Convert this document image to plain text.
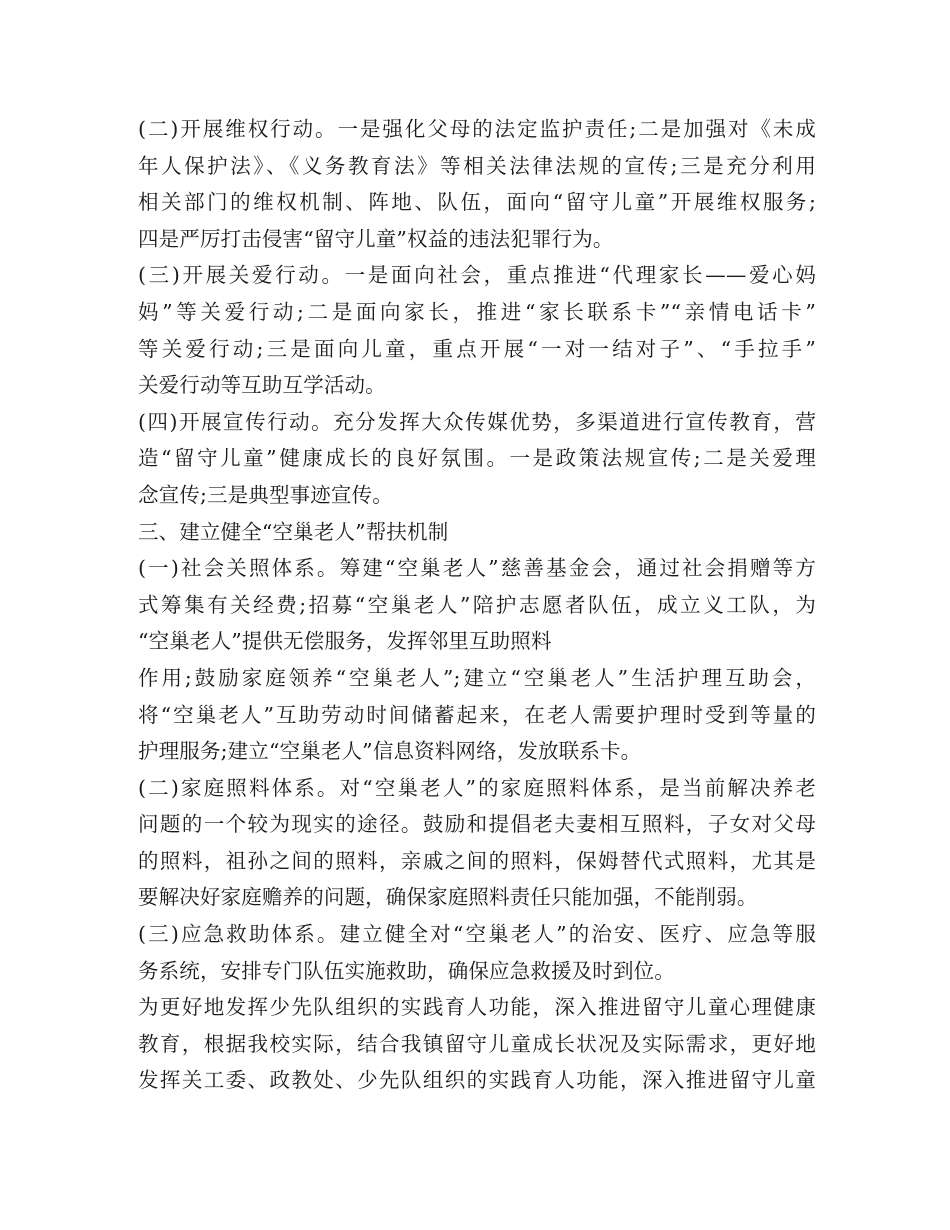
(二)开展维权行动。一是强化父母的法定监护责任;二是加强对《未成
年人保护法》、《义务教育法》等相关法律法规的宣传;三是充分利用
相关部门的维权机制、阵地、队伍，面向“留守儿童”开展维权服务;
四是严厉打击侵害“留守儿童”权益的违法犯罪行为。
(三)开展关爱行动。一是面向社会，重点推进“代理家长——爱心妈
妈”等关爱行动;二是面向家长，推进“家长联系卡”“亲情电话卡”
等关爱行动;三是面向儿童，重点开展“一对一结对子”、“手拉手”
关爱行动等互助互学活动。
(四)开展宣传行动。充分发挥大众传媒优势，多渠道进行宣传教育，营
造“留守儿童”健康成长的良好氛围。一是政策法规宣传;二是关爱理
念宣传;三是典型事迹宣传。
三、建立健全“空巢老人”帮扶机制
(一)社会关照体系。筹建“空巢老人”慈善基金会，通过社会捐赠等方
式筹集有关经费;招募“空巢老人”陪护志愿者队伍，成立义工队，为
“空巢老人”提供无偿服务，发挥邻里互助照料
作用;鼓励家庭领养“空巢老人”;建立“空巢老人”生活护理互助会，
将“空巢老人”互助劳动时间储蓄起来，在老人需要护理时受到等量的
护理服务;建立“空巢老人”信息资料网络，发放联系卡。
(二)家庭照料体系。对“空巢老人”的家庭照料体系，是当前解决养老
问题的一个较为现实的途径。鼓励和提倡老夫妻相互照料，子女对父母
的照料，祖孙之间的照料，亲戚之间的照料，保姆替代式照料，尤其是
要解决好家庭赡养的问题，确保家庭照料责任只能加强，不能削弱。
(三)应急救助体系。建立健全对“空巢老人”的治安、医疗、应急等服
务系统，安排专门队伍实施救助，确保应急救援及时到位。
为更好地发挥少先队组织的实践育人功能，深入推进留守儿童心理健康
教育，根据我校实际，结合我镇留守儿童成长状况及实际需求，更好地
发挥关工委、政教处、少先队组织的实践育人功能，深入推进留守儿童
